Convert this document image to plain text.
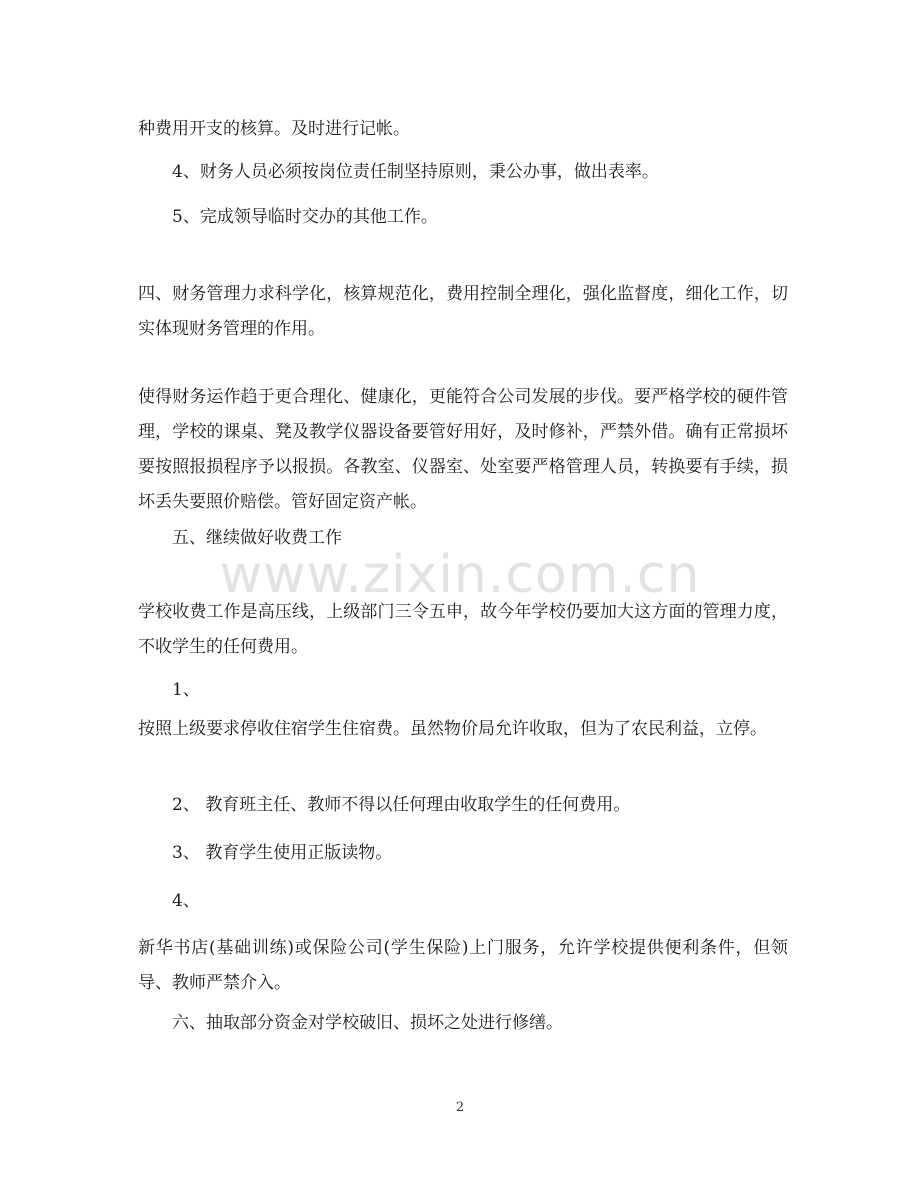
www.zixin.com.cn

种费用开支的核算。及时进行记帐。

4、财务人员必须按岗位责任制坚持原则，秉公办事，做出表率。

5、完成领导临时交办的其他工作。

四、财务管理力求科学化，核算规范化，费用控制全理化，强化监督度，细化工作，切实体现财务管理的作用。

使得财务运作趋于更合理化、健康化，更能符合公司发展的步伐。要严格学校的硬件管理，学校的课桌、凳及教学仪器设备要管好用好，及时修补，严禁外借。确有正常损坏要按照报损程序予以报损。各教室、仪器室、处室要严格管理人员，转换要有手续，损坏丢失要照价赔偿。管好固定资产帐。

五、继续做好收费工作

学校收费工作是高压线，上级部门三令五申，故今年学校仍要加大这方面的管理力度，不收学生的任何费用。

1、

按照上级要求停收住宿学生住宿费。虽然物价局允许收取，但为了农民利益，立停。

2、 教育班主任、教师不得以任何理由收取学生的任何费用。

3、 教育学生使用正版读物。

4、

新华书店(基础训练)或保险公司(学生保险)上门服务，允许学校提供便利条件，但领导、教师严禁介入。

六、抽取部分资金对学校破旧、损坏之处进行修缮。

2
